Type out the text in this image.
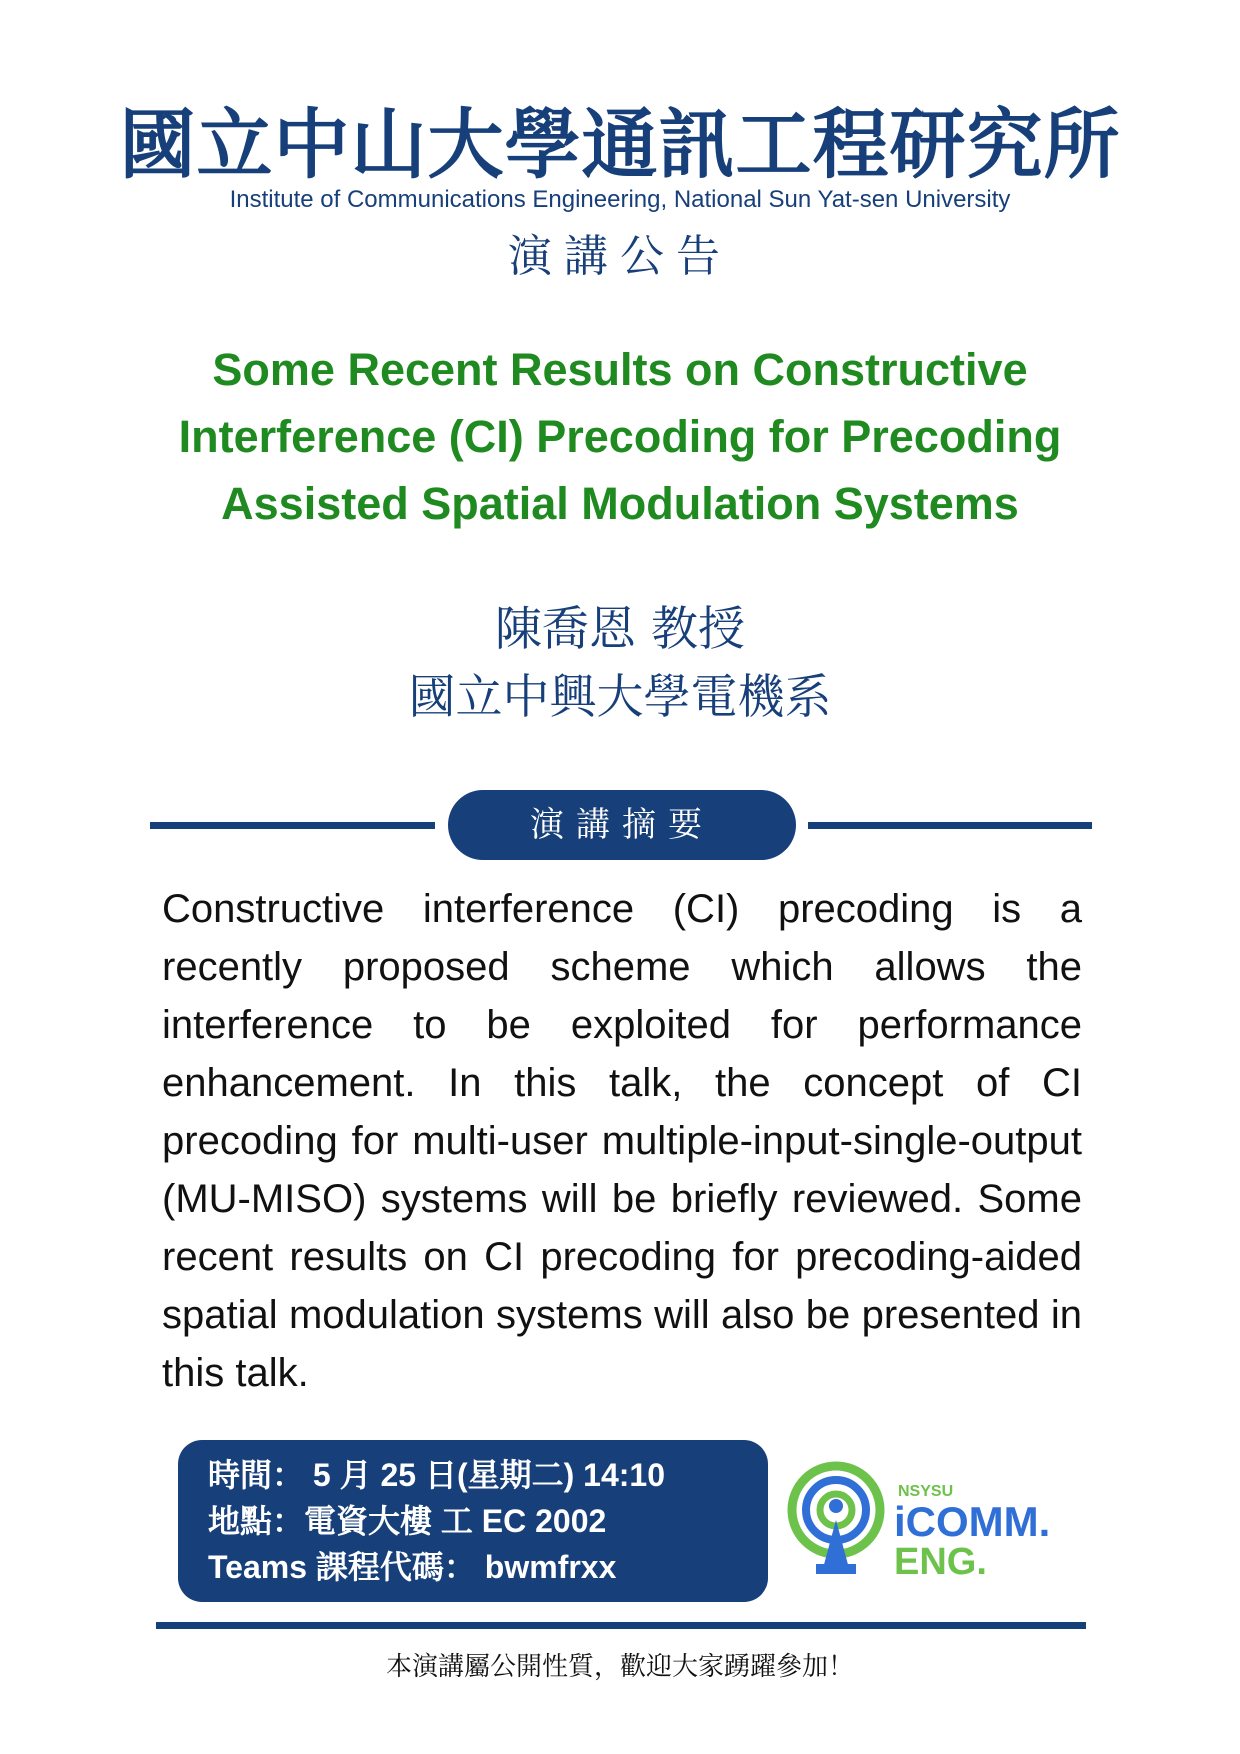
國立中山大學通訊工程研究所
Institute of Communications Engineering, National Sun Yat-sen University
演講公告
Some Recent Results on Constructive
Interference (CI) Precoding for Precoding
Assisted Spatial Modulation Systems
陳喬恩 教授
國立中興大學電機系
演講摘要
Constructive interference (CI) precoding is a recently proposed scheme which allows the interference to be exploited for performance enhancement. In this talk, the concept of CI precoding for multi-user multiple-input-single-output (MU-MISO) systems will be briefly reviewed. Some recent results on CI precoding for precoding-aided spatial modulation systems will also be presented in this talk.
時間： 5 月 25 日(星期二) 14:10
地點：電資大樓 工 EC 2002
Teams 課程代碼： bwmfrxx
NSYSU
iCOMM.
ENG.
本演講屬公開性質，歡迎大家踴躍參加！
